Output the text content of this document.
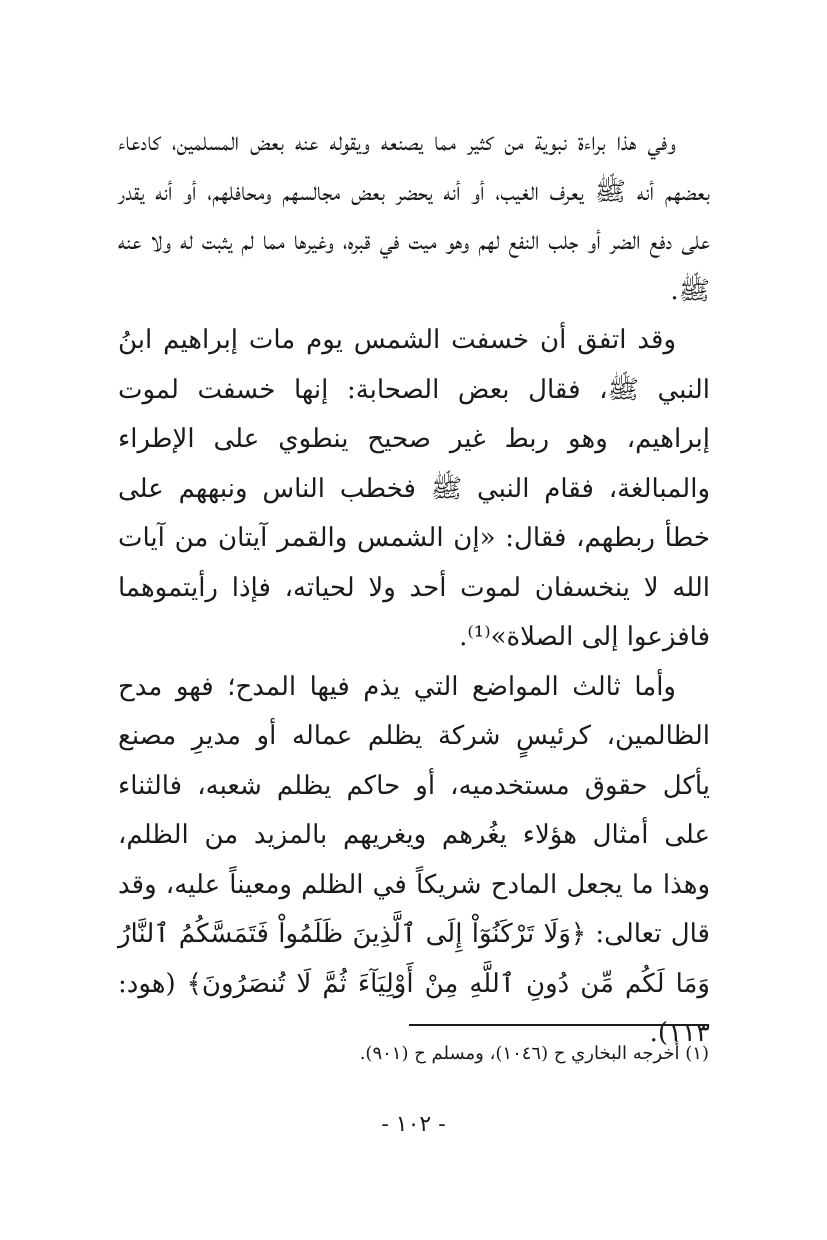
وفي هذا براءة نبوية من كثير مما يصنعه ويقوله عنه بعض المسلمين، كادعاء بعضهم أنه ﷺ يعرف الغيب، أو أنه يحضر بعض مجالسهم ومحافلهم، أو أنه يقدر على دفع الضر أو جلب النفع لهم وهو ميت في قبره، وغيرها مما لم يثبت له ولا عنه ﷺ.

وقد اتفق أن خسفت الشمس يوم مات إبراهيم ابنُ النبي ﷺ، فقال بعض الصحابة: إنها خسفت لموت إبراهيم، وهو ربط غير صحيح ينطوي على الإطراء والمبالغة، فقام النبي ﷺ فخطب الناس ونبههم على خطأ ربطهم، فقال: «إن الشمس والقمر آيتان من آيات الله لا ينخسفان لموت أحد ولا لحياته، فإذا رأيتموهما فافزعوا إلى الصلاة»⁽¹⁾.

وأما ثالث المواضع التي يذم فيها المدح؛ فهو مدح الظالمين، كرئيسٍ شركة يظلم عماله أو مديرِ مصنع يأكل حقوق مستخدميه، أو حاكم يظلم شعبه، فالثناء على أمثال هؤلاء يغُرهم ويغريهم بالمزيد من الظلم، وهذا ما يجعل المادح شريكاً في الظلم ومعيناً عليه، وقد قال تعالى: ﴿وَلَا تَرْكَنُوٓاْ إِلَى ٱلَّذِينَ ظَلَمُواْ فَتَمَسَّكُمُ ٱلنَّارُ وَمَا لَكُم مِّن دُونِ ٱللَّهِ مِنْ أَوْلِيَآءَ ثُمَّ لَا تُنصَرُونَ﴾ (هود: ١١٣).

(١) أخرجه البخاري ح (١٠٤٦)، ومسلم ح (٩٠١).
- ١٠٢ -
